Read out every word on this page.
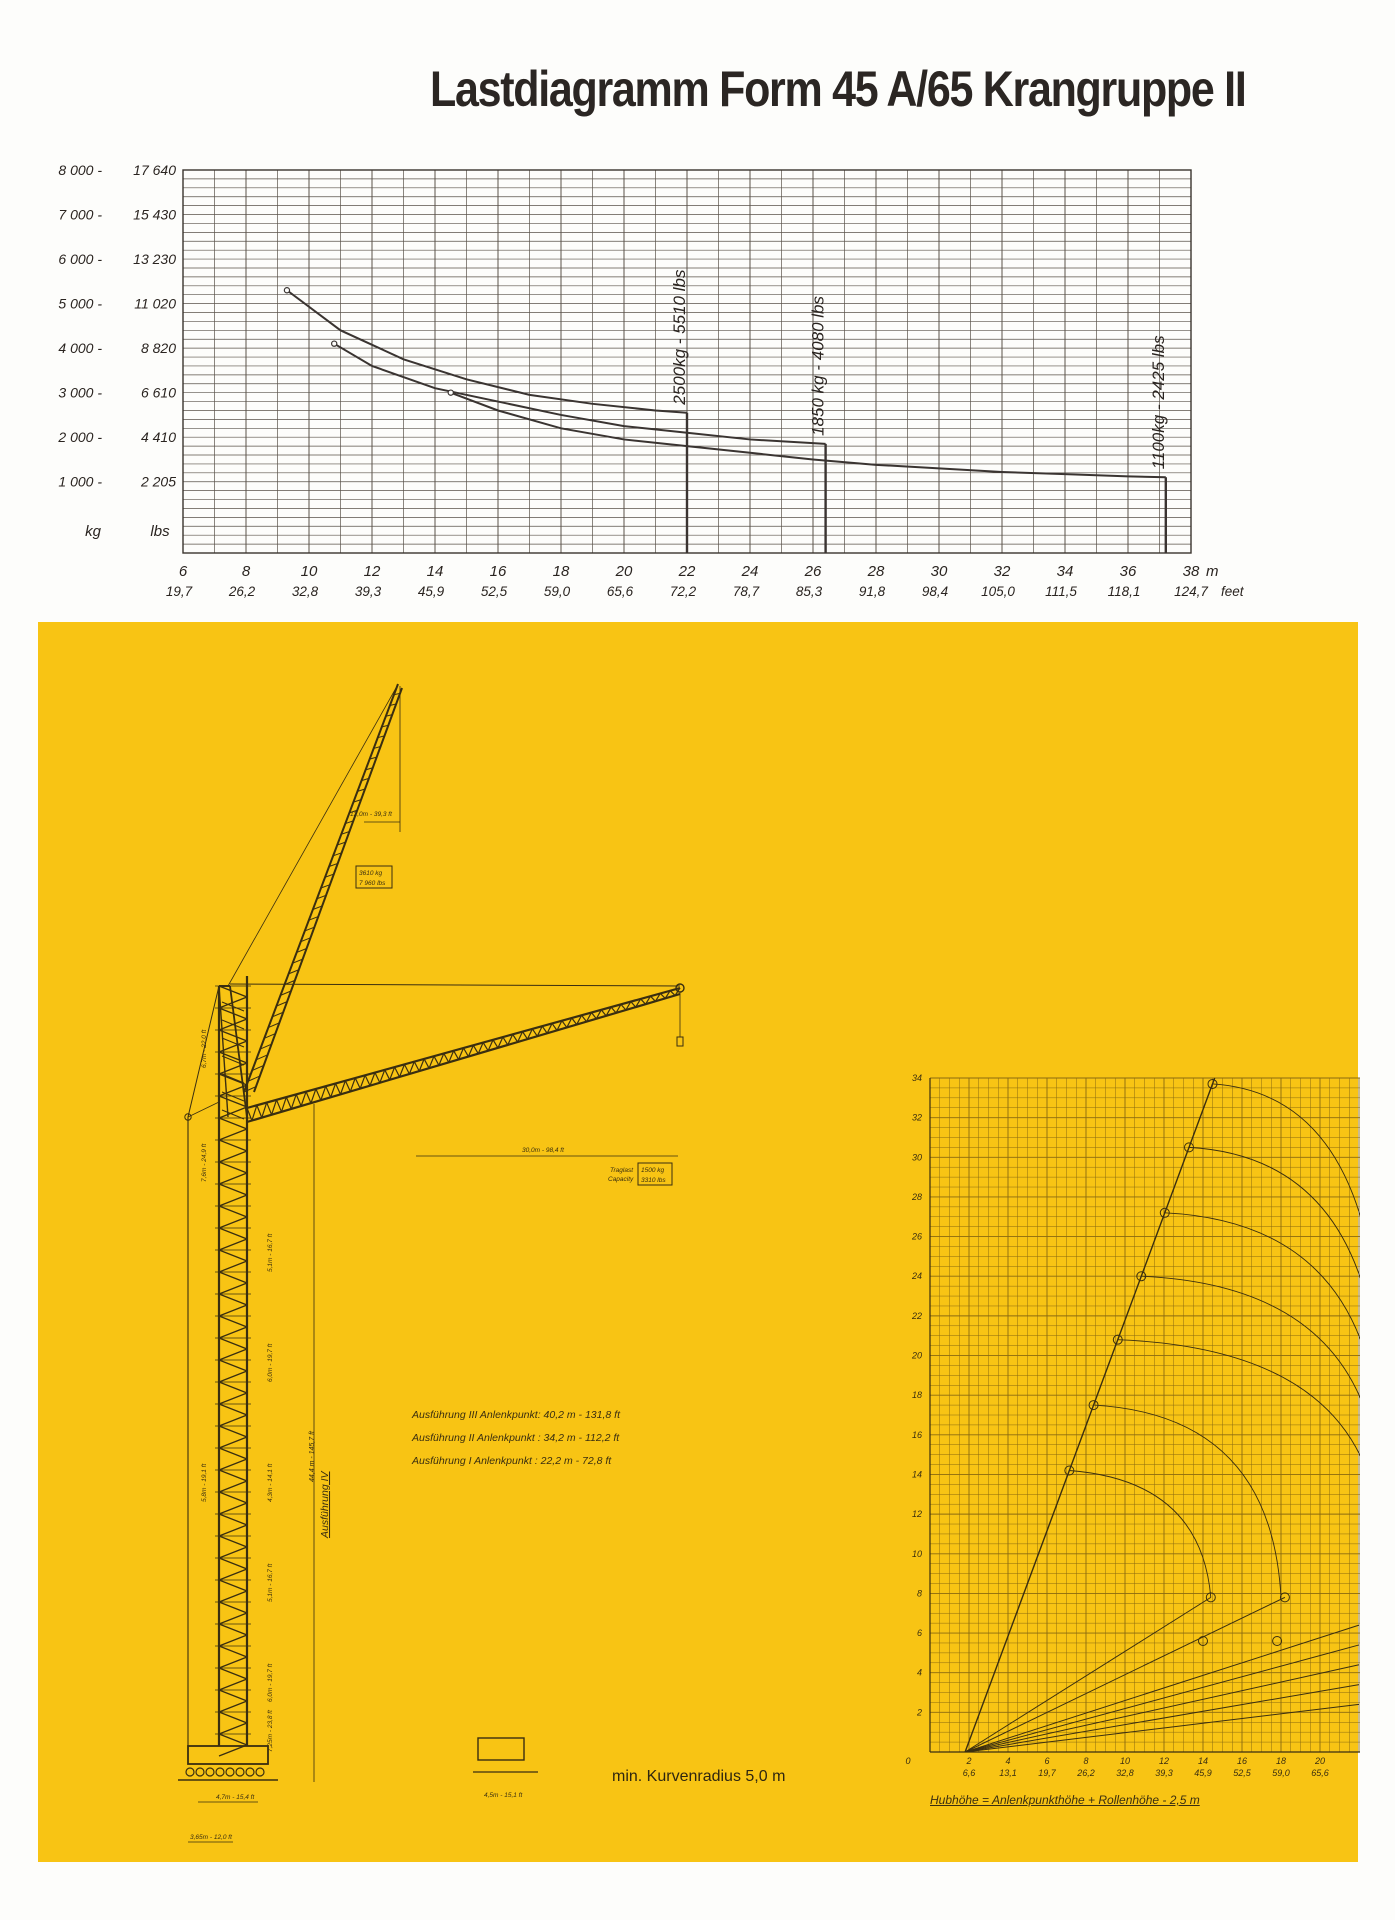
Lastdiagramm Form 45 A/65 Krangruppe II
6
19,7
8
26,2
10
32,8
12
39,3
14
45,9
16
52,5
18
59,0
20
65,6
22
72,2
24
78,7
26
85,3
28
91,8
30
98,4
32
105,0
34
111,5
36
118,1
38
124,7
m
feet
1 000 -	2 205
2 000 -	4 410
3 000 -	6 610
4 000 -	8 820
5 000 - 11 020
6 000 - 13 230
7 000 - 15 430
8 000 - 17 640
kg	lbs
2500kg - 5510 lbs	1850 kg - 4080 lbs	1100kg - 2425 lbs
12,0m - 39,3 ft
3610 kg
7 960 lbs
6,7m - 22,0 ft
7,6m - 24,9 ft
5,1m - 16,7 ft
6,0m - 19,7 ft
5,8m - 19,1 ft	4,3m - 14,1 ft
5,1m - 16,7 ft
6,0m - 19,7 ft
7,25m - 23,8 ft
44,4 m - 145,7 ft
Ausführung IV
30,0m - 98,4 ft
Traglast
Capacity
1500 kg
3310 lbs
4,7m - 15,4 ft
3,65m - 12,0 ft
4,5m - 15,1 ft
2
4
6
8
10
12
14
16
18
20
22
24
26
28
30
32
34
0	2	4	6	8	10	12	14	16	18	20
6,6	13,1 19,7 26,2 32,8 39,3 45,9 52,5 59,0 65,6
Ausführung III Anlenkpunkt: 40,2 m - 131,8 ft
Ausführung II Anlenkpunkt : 34,2 m - 112,2 ft
Ausführung I Anlenkpunkt : 22,2 m - 72,8 ft
min. Kurvenradius 5,0 m
Hubhöhe = Anlenkpunkthöhe + Rollenhöhe - 2,5 m
